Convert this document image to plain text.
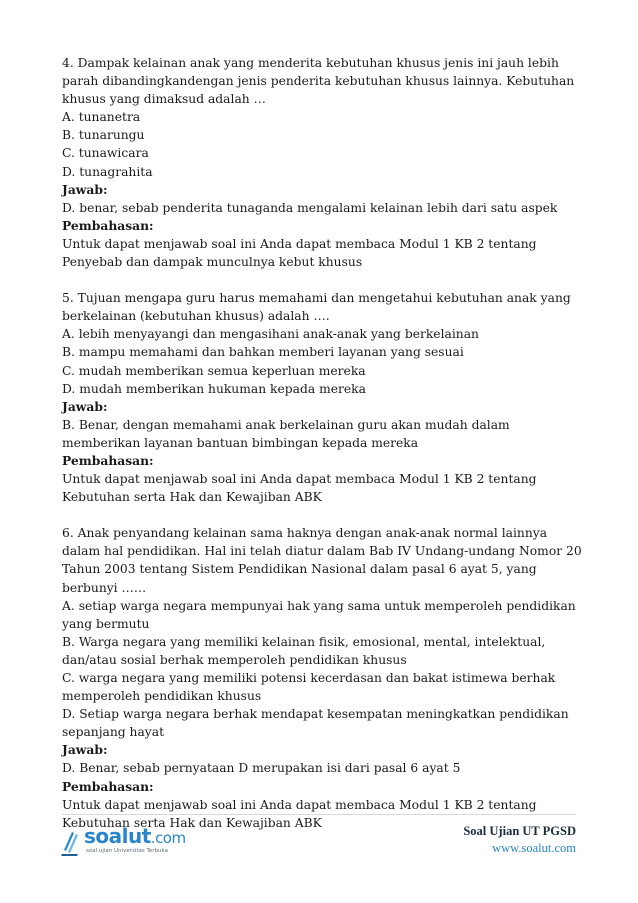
4. Dampak kelainan anak yang menderita kebutuhan khusus jenis ini jauh lebih parah dibandingkandengan jenis penderita kebutuhan khusus lainnya. Kebutuhan khusus yang dimaksud adalah …

A. tunanetra

B. tunarungu

C. tunawicara

D. tunagrahita

Jawab:

D. benar, sebab penderita tunaganda mengalami kelainan lebih dari satu aspek

Pembahasan:

Untuk dapat menjawab soal ini Anda dapat membaca Modul 1 KB 2 tentang Penyebab dan dampak munculnya kebut khusus

5. Tujuan mengapa guru harus memahami dan mengetahui kebutuhan anak yang berkelainan (kebutuhan khusus) adalah ….

A. lebih menyayangi dan mengasihani anak-anak yang berkelainan

B. mampu memahami dan bahkan memberi layanan yang sesuai

C. mudah memberikan semua keperluan mereka

D. mudah memberikan hukuman kepada mereka

Jawab:

B. Benar, dengan memahami anak berkelainan guru akan mudah dalam memberikan layanan bantuan bimbingan kepada mereka

Pembahasan:

Untuk dapat menjawab soal ini Anda dapat membaca Modul 1 KB 2 tentang Kebutuhan serta Hak dan Kewajiban ABK

6. Anak penyandang kelainan sama haknya dengan anak-anak normal lainnya dalam hal pendidikan. Hal ini telah diatur dalam Bab IV Undang-undang Nomor 20 Tahun 2003 tentang Sistem Pendidikan Nasional dalam pasal 6 ayat 5, yang berbunyi ……

A. setiap warga negara mempunyai hak yang sama untuk memperoleh pendidikan yang bermutu

B. Warga negara yang memiliki kelainan fisik, emosional, mental, intelektual, dan/atau sosial berhak memperoleh pendidikan khusus

C. warga negara yang memiliki potensi kecerdasan dan bakat istimewa berhak memperoleh pendidikan khusus

D. Setiap warga negara berhak mendapat kesempatan meningkatkan pendidikan sepanjang hayat

Jawab:

D. Benar, sebab pernyataan D merupakan isi dari pasal 6 ayat 5

Pembahasan:

Untuk dapat menjawab soal ini Anda dapat membaca Modul 1 KB 2 tentang Kebutuhan serta Hak dan Kewajiban ABK

soalut.com
soal ujian Universitas Terbuka
Soal Ujian UT PGSD
www.soalut.com
